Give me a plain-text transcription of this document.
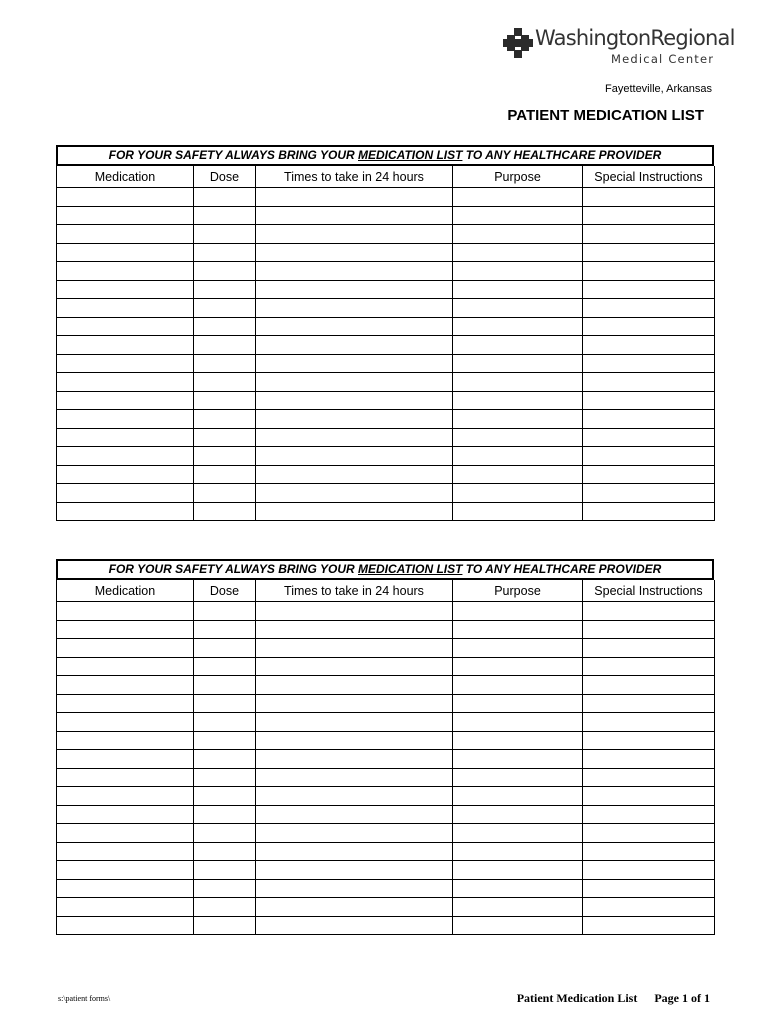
WashingtonRegional
Medical Center
Fayetteville, Arkansas
PATIENT MEDICATION LIST
FOR YOUR SAFETY ALWAYS BRING YOUR MEDICATION LIST TO ANY HEALTHCARE PROVIDER
Medication	Dose	Times to take in 24 hours	Purpose	Special Instructions

FOR YOUR SAFETY ALWAYS BRING YOUR MEDICATION LIST TO ANY HEALTHCARE PROVIDER
Medication	Dose	Times to take in 24 hours	Purpose	Special Instructions

s:\patient forms\	Patient Medication List Page 1 of 1
